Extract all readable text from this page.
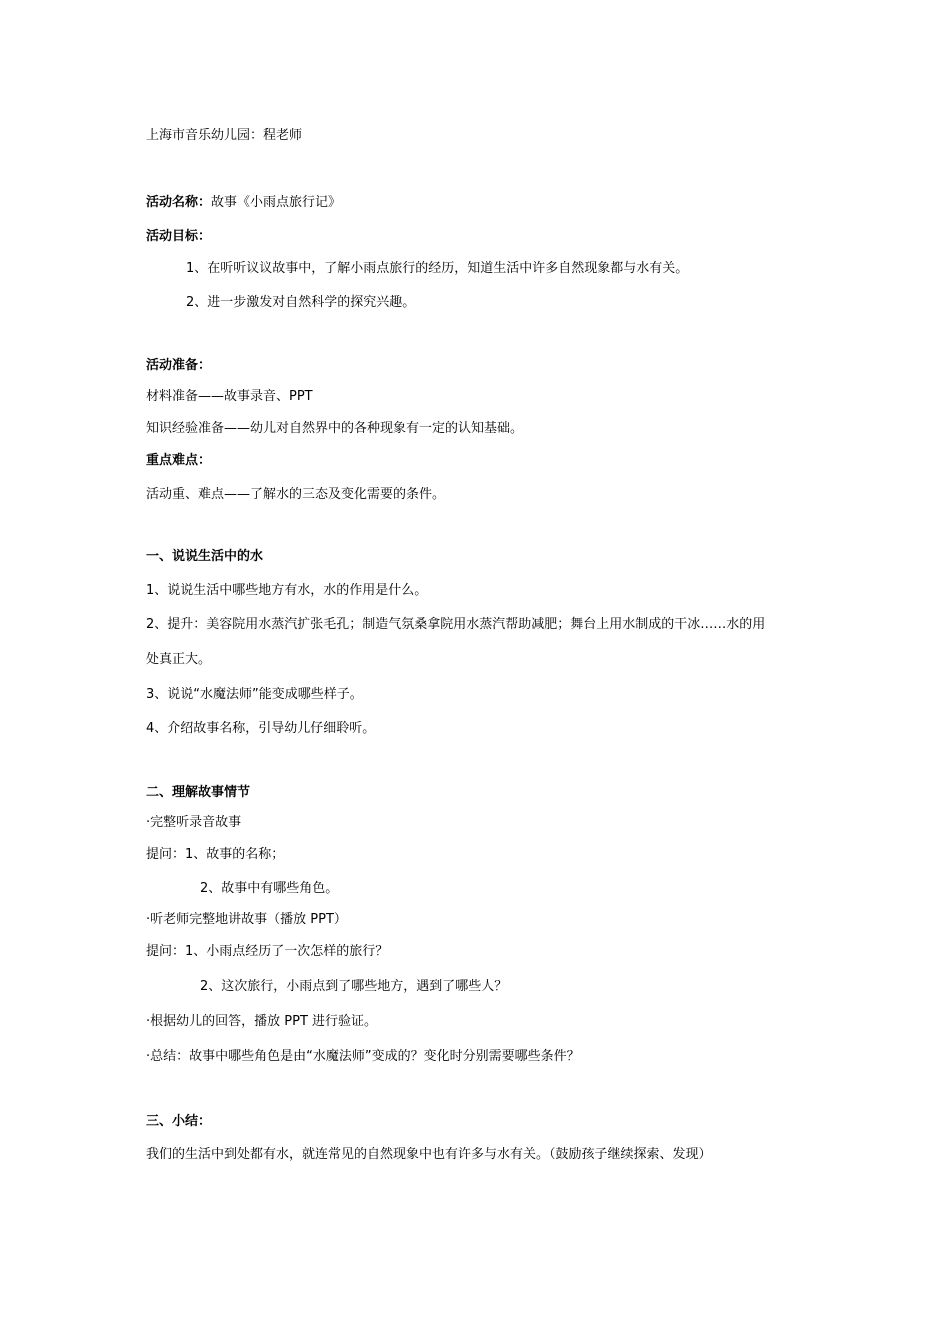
上海市音乐幼儿园：程老师
活动名称：故事《小雨点旅行记》
活动目标：
1、在听听议议故事中，了解小雨点旅行的经历，知道生活中许多自然现象都与水有关。
2、进一步激发对自然科学的探究兴趣。
活动准备：
材料准备——故事录音、PPT
知识经验准备——幼儿对自然界中的各种现象有一定的认知基础。
重点难点：
活动重、难点——了解水的三态及变化需要的条件。
一、说说生活中的水
1、说说生活中哪些地方有水，水的作用是什么。
2、提升：美容院用水蒸汽扩张毛孔；制造气氛桑拿院用水蒸汽帮助减肥；舞台上用水制成的干冰……水的用
处真正大。
3、说说“水魔法师”能变成哪些样子。
4、介绍故事名称，引导幼儿仔细聆听。
二、理解故事情节
·完整听录音故事
提问：1、故事的名称；
2、故事中有哪些角色。
·听老师完整地讲故事（播放 PPT）
提问：1、小雨点经历了一次怎样的旅行？
2、这次旅行，小雨点到了哪些地方，遇到了哪些人？
·根据幼儿的回答，播放 PPT 进行验证。
·总结：故事中哪些角色是由“水魔法师”变成的？变化时分别需要哪些条件？
三、小结：
我们的生活中到处都有水，就连常见的自然现象中也有许多与水有关。（鼓励孩子继续探索、发现）
